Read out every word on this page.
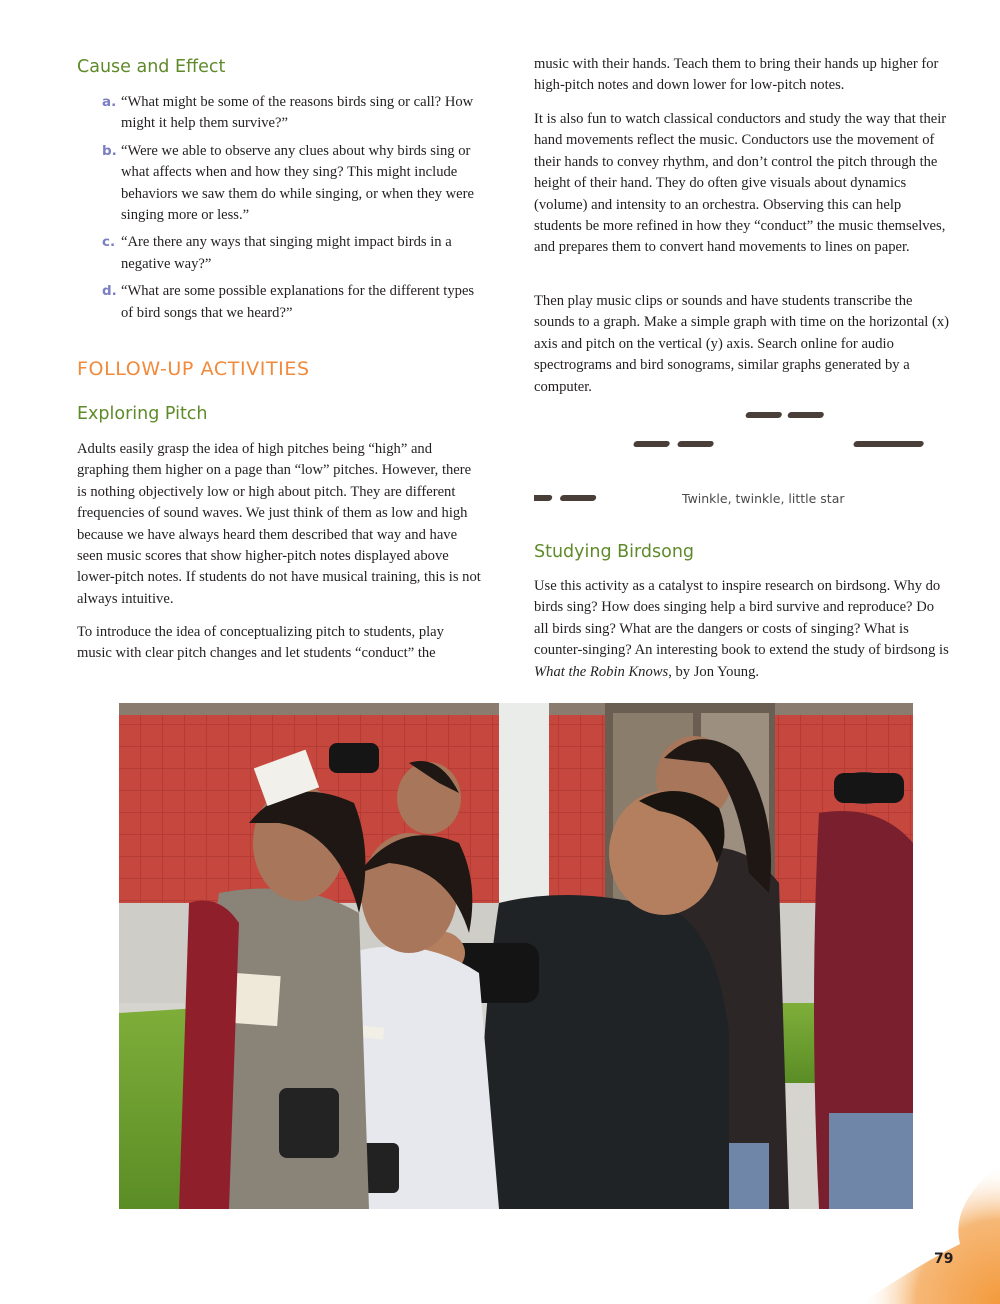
Cause and Effect
a. “What might be some of the reasons birds sing or call? How might it help them survive?”
b. “Were we able to observe any clues about why birds sing or what affects when and how they sing? This might include behaviors we saw them do while singing, or when they were singing more or less.”
c. “Are there any ways that singing might impact birds in a negative way?”
d. “What are some possible explanations for the different types of bird songs that we heard?”
FOLLOW-UP ACTIVITIES
Exploring Pitch

Adults easily grasp the idea of high pitches being “high” and graphing them higher on a page than “low” pitches. However, there is nothing objectively low or high about pitch. They are different frequencies of sound waves. We just think of them as low and high because we have always heard them described that way and have seen music scores that show higher-pitch notes displayed above lower-pitch notes. If students do not have musical training, this is not always intuitive.

To introduce the idea of conceptualizing pitch to students, play music with clear pitch changes and let students “conduct” the

music with their hands. Teach them to bring their hands up higher for high-pitch notes and down lower for low-pitch notes.

It is also fun to watch classical conductors and study the way that their hand movements reflect the music. Conductors use the movement of their hands to convey rhythm, and don’t control the pitch through the height of their hand. They do often give visuals about dynamics (volume) and intensity to an orchestra. Observing this can help students be more refined in how they “conduct” the music themselves, and prepares them to convert hand movements to lines on paper.

Then play music clips or sounds and have students transcribe the sounds to a graph. Make a simple graph with time on the horizontal (x) axis and pitch on the vertical (y) axis. Search online for audio spectrograms and bird sonograms, similar graphs generated by a computer.

Twinkle, twinkle, little star
Studying Birdsong

Use this activity as a catalyst to inspire research on birdsong. Why do birds sing? How does singing help a bird survive and reproduce? Do all birds sing? What are the dangers or costs of singing? What is counter-singing? An interesting book to extend the study of birdsong is What the Robin Knows, by Jon Young.

79
